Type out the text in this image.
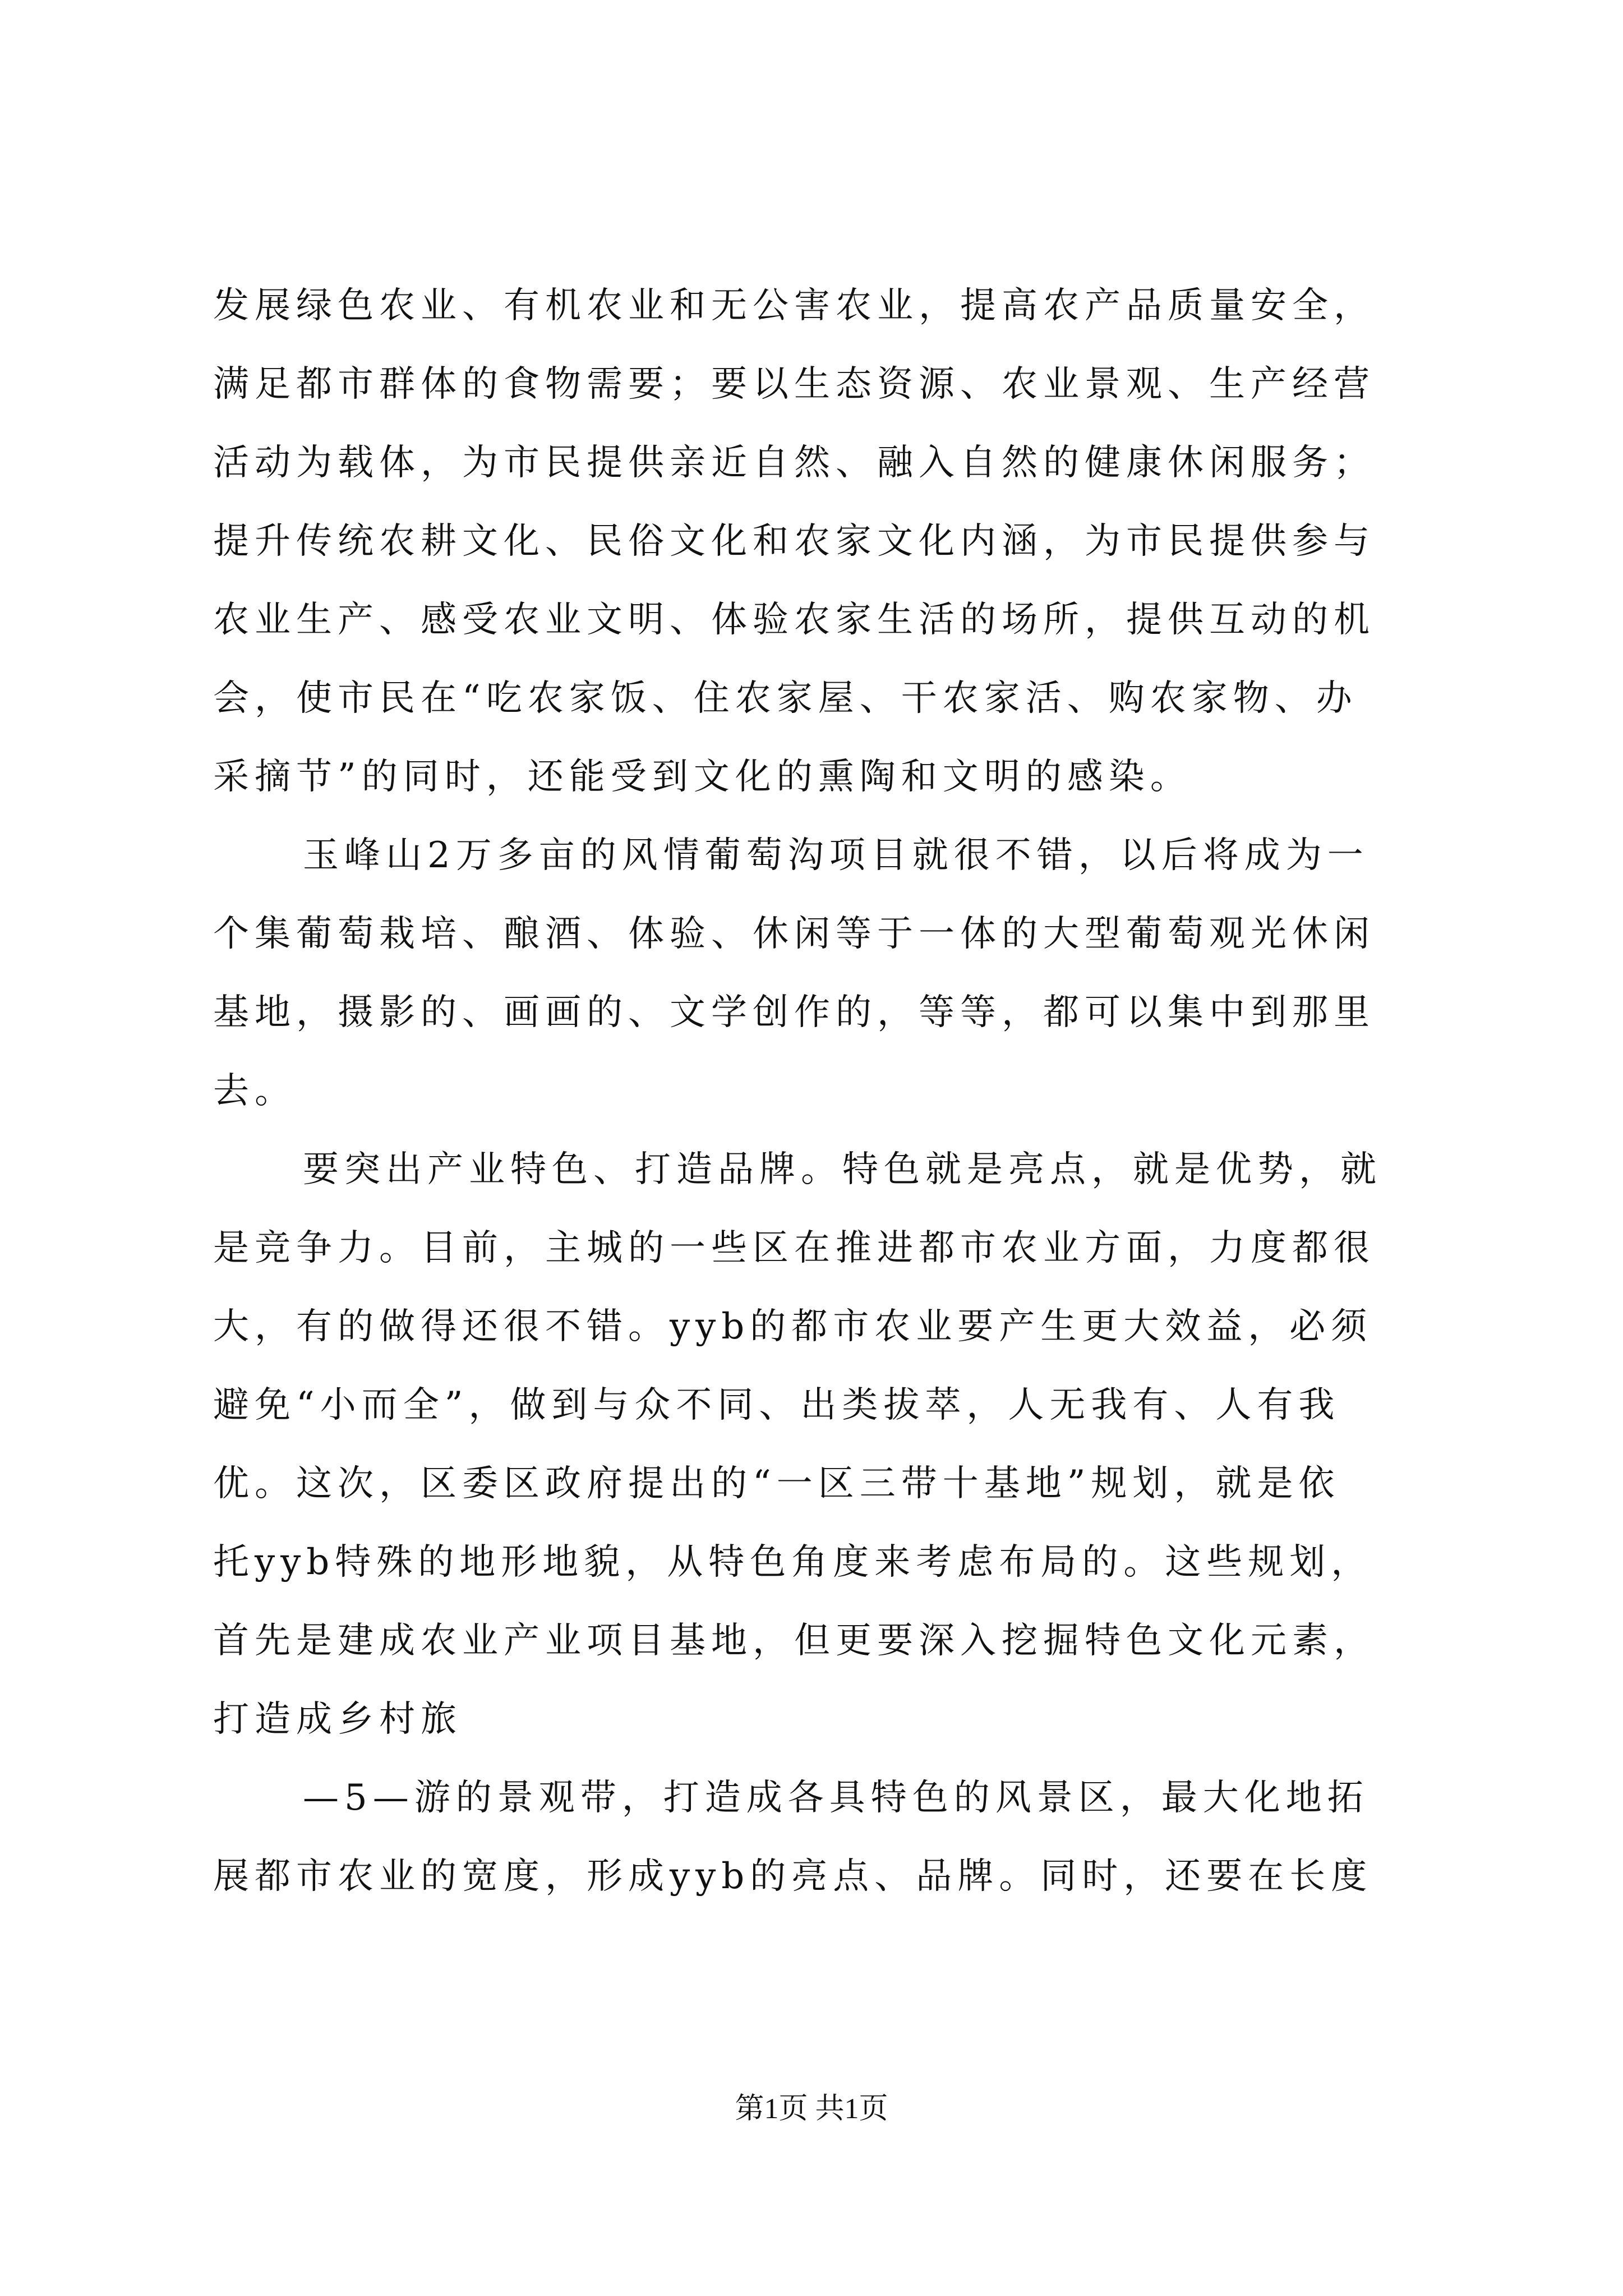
发展绿色农业、有机农业和无公害农业，提高农产品质量安全，
满足都市群体的食物需要；要以生态资源、农业景观、生产经营
活动为载体，为市民提供亲近自然、融入自然的健康休闲服务；
提升传统农耕文化、民俗文化和农家文化内涵，为市民提供参与
农业生产、感受农业文明、体验农家生活的场所，提供互动的机
会，使市民在“吃农家饭、住农家屋、干农家活、购农家物、办
采摘节”的同时，还能受到文化的熏陶和文明的感染。
玉峰山2万多亩的风情葡萄沟项目就很不错，以后将成为一
个集葡萄栽培、酿酒、体验、休闲等于一体的大型葡萄观光休闲
基地，摄影的、画画的、文学创作的，等等，都可以集中到那里
去。
要突出产业特色、打造品牌。特色就是亮点，就是优势，就
是竞争力。目前，主城的一些区在推进都市农业方面，力度都很
大，有的做得还很不错。yyb的都市农业要产生更大效益，必须
避免“小而全”，做到与众不同、出类拔萃，人无我有、人有我
优。这次，区委区政府提出的“一区三带十基地”规划，就是依
托yyb特殊的地形地貌，从特色角度来考虑布局的。这些规划，
首先是建成农业产业项目基地，但更要深入挖掘特色文化元素，
打造成乡村旅
—5—游的景观带，打造成各具特色的风景区，最大化地拓
展都市农业的宽度，形成yyb的亮点、品牌。同时，还要在长度
第1页 共1页
